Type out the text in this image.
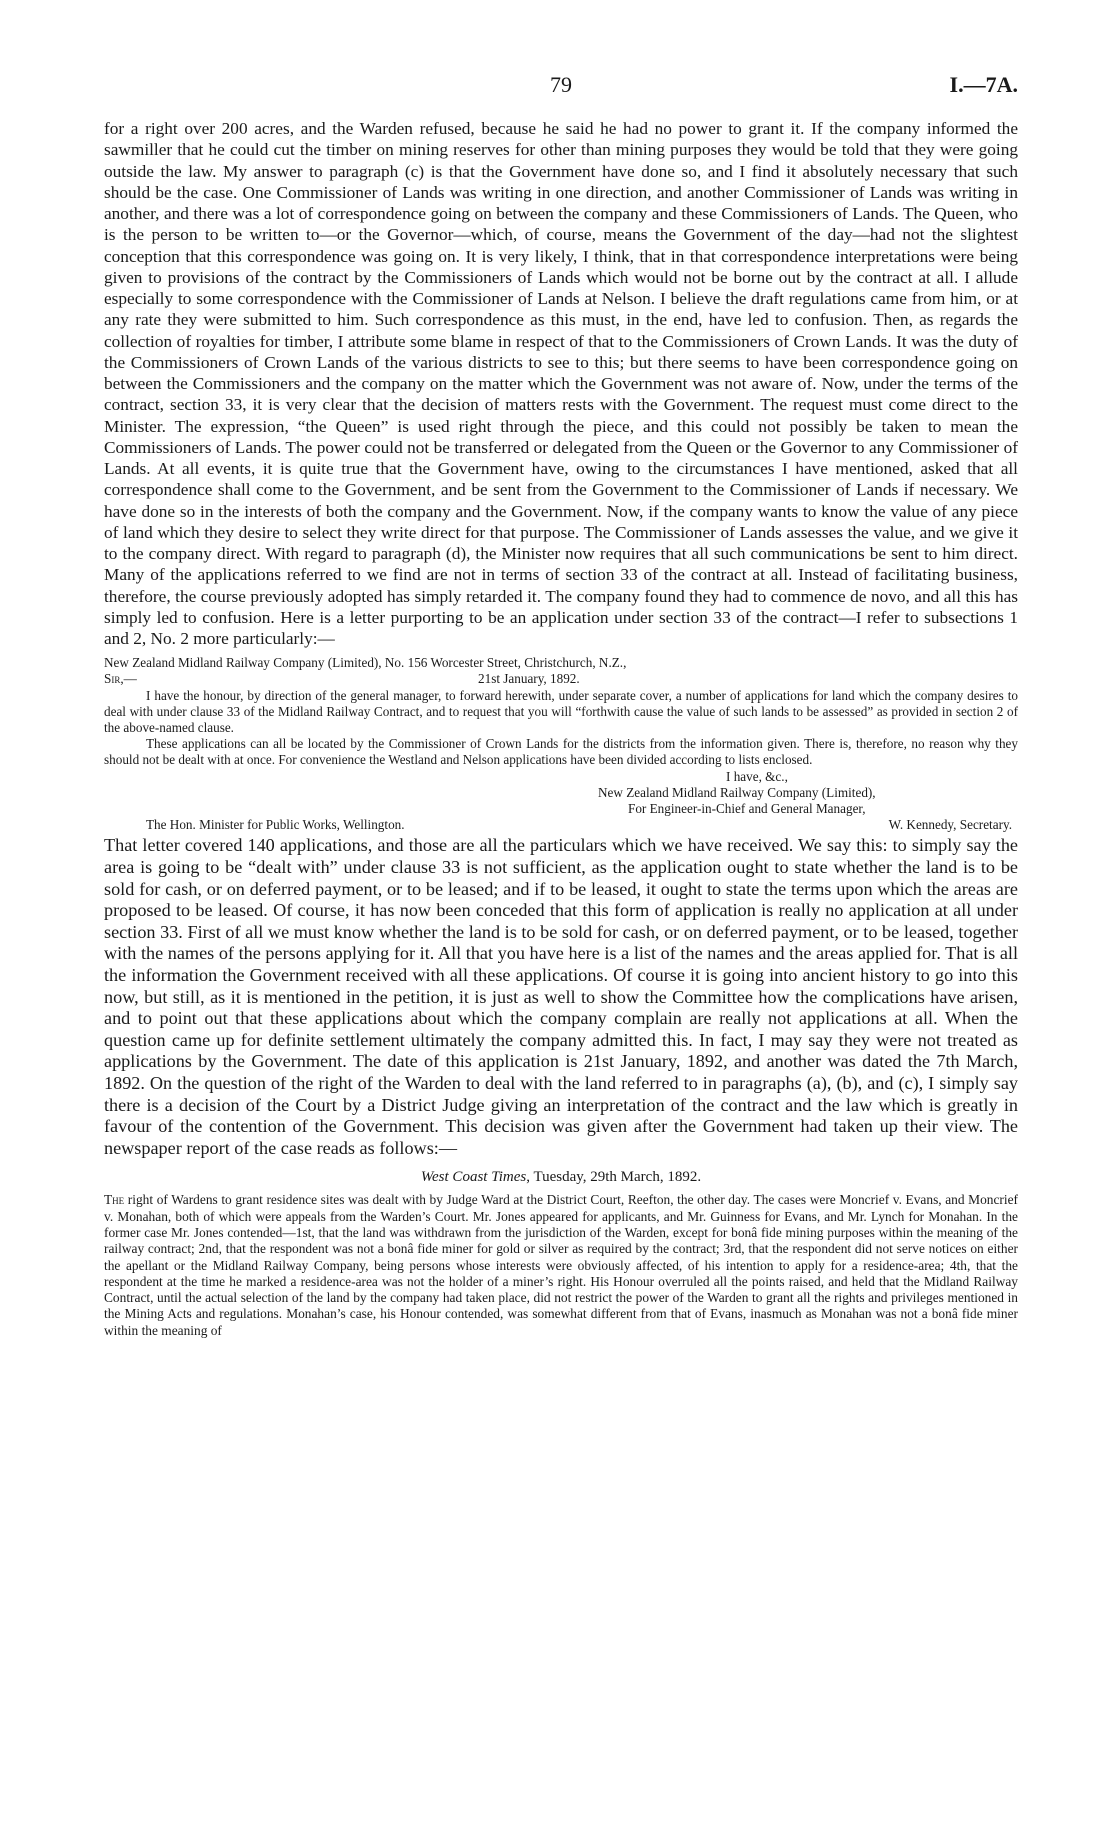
79	I.—7A.

for a right over 200 acres, and the Warden refused, because he said he had no power to grant it. If the company informed the sawmiller that he could cut the timber on mining reserves for other than mining purposes they would be told that they were going outside the law. My answer to paragraph (c) is that the Government have done so, and I find it absolutely necessary that such should be the case. One Commissioner of Lands was writing in one direction, and another Commissioner of Lands was writing in another, and there was a lot of correspondence going on between the company and these Commissioners of Lands. The Queen, who is the person to be written to—or the Governor—which, of course, means the Government of the day—had not the slightest conception that this correspondence was going on. It is very likely, I think, that in that correspondence interpretations were being given to provisions of the contract by the Commissioners of Lands which would not be borne out by the contract at all. I allude especially to some correspondence with the Commissioner of Lands at Nelson. I believe the draft regulations came from him, or at any rate they were submitted to him. Such correspondence as this must, in the end, have led to confusion. Then, as regards the collection of royalties for timber, I attribute some blame in respect of that to the Commissioners of Crown Lands. It was the duty of the Commissioners of Crown Lands of the various districts to see to this; but there seems to have been correspondence going on between the Commissioners and the company on the matter which the Government was not aware of. Now, under the terms of the contract, section 33, it is very clear that the decision of matters rests with the Government. The request must come direct to the Minister. The expression, “the Queen” is used right through the piece, and this could not possibly be taken to mean the Commissioners of Lands. The power could not be transferred or delegated from the Queen or the Governor to any Commissioner of Lands. At all events, it is quite true that the Government have, owing to the circumstances I have mentioned, asked that all correspondence shall come to the Government, and be sent from the Government to the Commissioner of Lands if necessary. We have done so in the interests of both the company and the Government. Now, if the company wants to know the value of any piece of land which they desire to select they write direct for that purpose. The Commissioner of Lands assesses the value, and we give it to the company direct. With regard to paragraph (d), the Minister now requires that all such communications be sent to him direct. Many of the applications referred to we find are not in terms of section 33 of the contract at all. Instead of facilitating business, therefore, the course previously adopted has simply retarded it. The company found they had to commence de novo, and all this has simply led to confusion. Here is a letter purporting to be an application under section 33 of the contract—I refer to subsections 1 and 2, No. 2 more particularly:—

New Zealand Midland Railway Company (Limited), No. 156 Worcester Street, Christchurch, N.Z.,

Sir,—	21st January, 1892.

I have the honour, by direction of the general manager, to forward herewith, under separate cover, a number of applications for land which the company desires to deal with under clause 33 of the Midland Railway Contract, and to request that you will “forthwith cause the value of such lands to be assessed” as provided in section 2 of the above-named clause.

These applications can all be located by the Commissioner of Crown Lands for the districts from the information given. There is, therefore, no reason why they should not be dealt with at once. For convenience the Westland and Nelson applications have been divided according to lists enclosed.

I have, &c.,
New Zealand Midland Railway Company (Limited),
For Engineer-in-Chief and General Manager,
The Hon. Minister for Public Works, Wellington.	W. Kennedy, Secretary.

That letter covered 140 applications, and those are all the particulars which we have received. We say this: to simply say the area is going to be “dealt with” under clause 33 is not sufficient, as the application ought to state whether the land is to be sold for cash, or on deferred payment, or to be leased; and if to be leased, it ought to state the terms upon which the areas are proposed to be leased. Of course, it has now been conceded that this form of application is really no application at all under section 33. First of all we must know whether the land is to be sold for cash, or on deferred payment, or to be leased, together with the names of the persons applying for it. All that you have here is a list of the names and the areas applied for. That is all the information the Government received with all these applications. Of course it is going into ancient history to go into this now, but still, as it is mentioned in the petition, it is just as well to show the Committee how the complications have arisen, and to point out that these applications about which the company complain are really not applications at all. When the question came up for definite settlement ultimately the company admitted this. In fact, I may say they were not treated as applications by the Government. The date of this application is 21st January, 1892, and another was dated the 7th March, 1892. On the question of the right of the Warden to deal with the land referred to in paragraphs (a), (b), and (c), I simply say there is a decision of the Court by a District Judge giving an interpretation of the contract and the law which is greatly in favour of the contention of the Government. This decision was given after the Government had taken up their view. The newspaper report of the case reads as follows:—

West Coast Times, Tuesday, 29th March, 1892.

The right of Wardens to grant residence sites was dealt with by Judge Ward at the District Court, Reefton, the other day. The cases were Moncrief v. Evans, and Moncrief v. Monahan, both of which were appeals from the Warden’s Court. Mr. Jones appeared for applicants, and Mr. Guinness for Evans, and Mr. Lynch for Monahan. In the former case Mr. Jones contended—1st, that the land was withdrawn from the jurisdiction of the Warden, except for bonâ fide mining purposes within the meaning of the railway contract; 2nd, that the respondent was not a bonâ fide miner for gold or silver as required by the contract; 3rd, that the respondent did not serve notices on either the apellant or the Midland Railway Company, being persons whose interests were obviously affected, of his intention to apply for a residence-area; 4th, that the respondent at the time he marked a residence-area was not the holder of a miner’s right. His Honour overruled all the points raised, and held that the Midland Railway Contract, until the actual selection of the land by the company had taken place, did not restrict the power of the Warden to grant all the rights and privileges mentioned in the Mining Acts and regulations. Monahan’s case, his Honour contended, was somewhat different from that of Evans, inasmuch as Monahan was not a bonâ fide miner within the meaning of
